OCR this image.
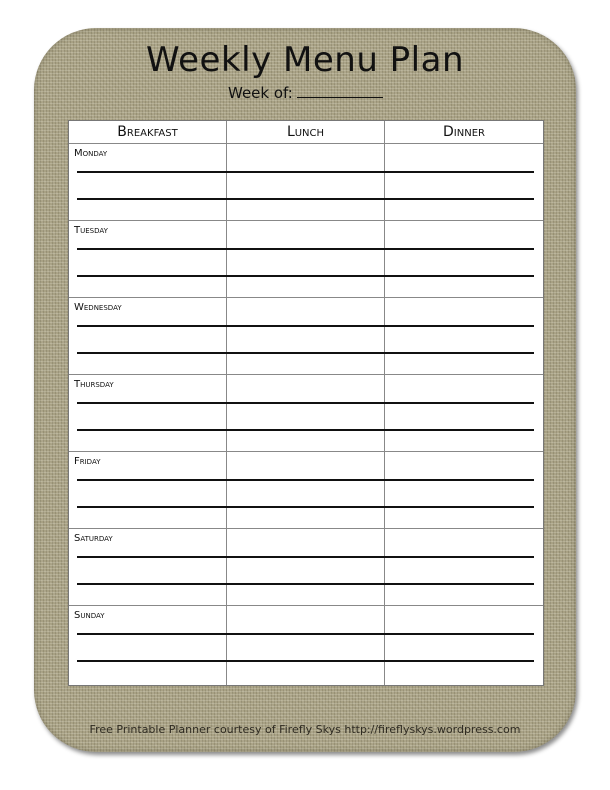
Weekly Menu Plan
Week of:
Breakfast	Lunch	Dinner
Monday
Tuesday
Wednesday
Thursday
Friday
Saturday
Sunday
Free Printable Planner courtesy of Firefly Skys http://fireflyskys.wordpress.com
